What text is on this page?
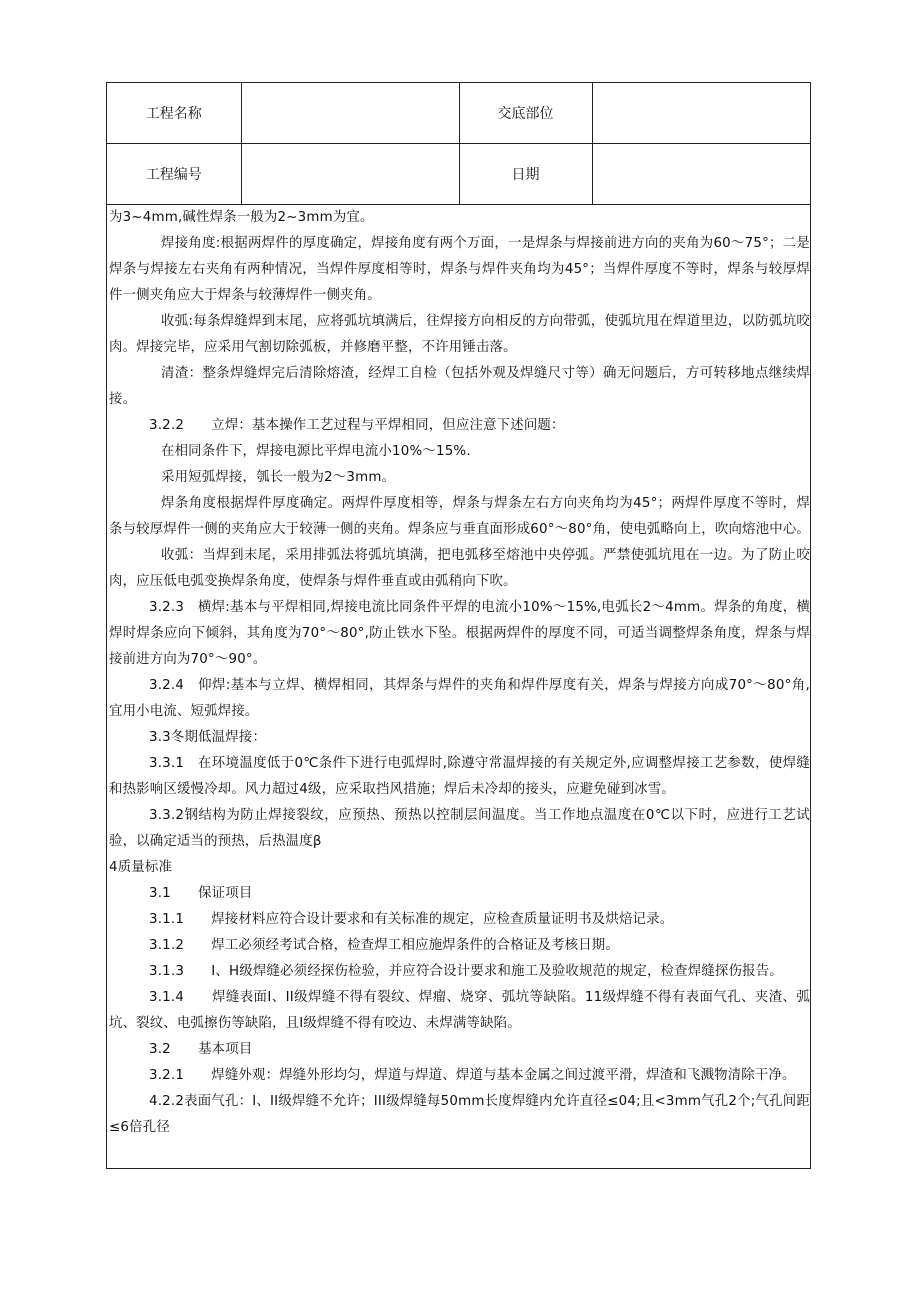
工程名称		交底部位	
工程编号		日期	

为3~4mm,碱性焊条一般为2~3mm为宜。

焊接角度:根据两焊件的厚度确定，焊接角度有两个万面，一是焊条与焊接前进方向的夹角为60～75°；二是焊条与焊接左右夹角有两种情况，当焊件厚度相等时，焊条与焊件夹角均为45°；当焊件厚度不等时，焊条与较厚焊件一侧夹角应大于焊条与较薄焊件一侧夹角。

收弧:每条焊缝焊到末尾，应将弧坑填满后，往焊接方向相反的方向带弧，使弧坑甩在焊道里边，以防弧坑咬肉。焊接完毕，应采用气割切除弧板，并修磨平整，不许用锤击落。

清渣：整条焊缝焊完后清除熔渣，经焊工自检（包括外观及焊缝尺寸等）确无问题后，方可转移地点继续焊接。

3.2.2　　立焊：基本操作工艺过程与平焊相同，但应注意下述问题：

在相同条件下，焊接电源比平焊电流小10%～15%.

采用短弧焊接，瓠长一般为2～3mm。

焊条角度根据焊件厚度确定。两焊件厚度相等，焊条与焊条左右方向夹角均为45°；两焊件厚度不等时，焊条与较厚焊件一侧的夹角应大于较薄一侧的夹角。焊条应与垂直面形成60°～80°角，使电弧略向上，吹向熔池中心。

收弧：当焊到末尾，采用排弧法将弧坑填满，把电弧移至熔池中央停弧。严禁使弧坑甩在一边。为了防止咬肉，应压低电弧变换焊条角度，使焊条与焊件垂直或由弧稍向下吹。

3.2.3　横焊:基本与平焊相同,焊接电流比同条件平焊的电流小10%～15%,电弧长2～4mm。焊条的角度，横焊时焊条应向下倾斜，其角度为70°～80°,防止铁水下坠。根据两焊件的厚度不同，可适当调整焊条角度，焊条与焊接前进方向为70°～90°。

3.2.4　仰焊:基本与立焊、横焊相同，其焊条与焊件的夹角和焊件厚度有关，焊条与焊接方向成70°～80°角,宜用小电流、短弧焊接。

3.3冬期低温焊接：

3.3.1　在环境温度低于0℃条件下进行电弧焊时,除遵守常温焊接的有关规定外,应调整焊接工艺参数，使焊缝和热影响区缓慢冷却。风力超过4级，应采取挡风措施；焊后未冷却的接头，应避免碰到冰雪。

3.3.2钢结构为防止焊接裂纹，应预热、预热以控制层间温度。当工作地点温度在0℃以下时，应进行工艺试验，以确定适当的预热，后热温度β

4质量标准

3.1　　保证项目

3.1.1　　焊接材料应符合设计要求和有关标准的规定，应检查质量证明书及烘焙记录。

3.1.2　　焊工必须经考试合格，检查焊工相应施焊条件的合格证及考核日期。

3.1.3　　I、H级焊缝必须经探伤检验，并应符合设计要求和施工及验收规范的规定，检查焊缝探伤报告。

3.1.4　　焊缝表面I、II级焊缝不得有裂纹、焊瘤、烧穿、弧坑等缺陷。11级焊缝不得有表面气孔、夹渣、弧坑、裂纹、电弧擦伤等缺陷，且I级焊缝不得有咬边、未焊满等缺陷。

3.2　　基本项目

3.2.1　　焊缝外观：焊缝外形均匀，焊道与焊道、焊道与基本金属之间过渡平滑，焊渣和飞溅物清除干净。

4.2.2表面气孔：I、II级焊缝不允许；III级焊缝每50mm长度焊缝内允许直径≤04;且<3mm气孔2个;气孔间距≤6倍孔径
